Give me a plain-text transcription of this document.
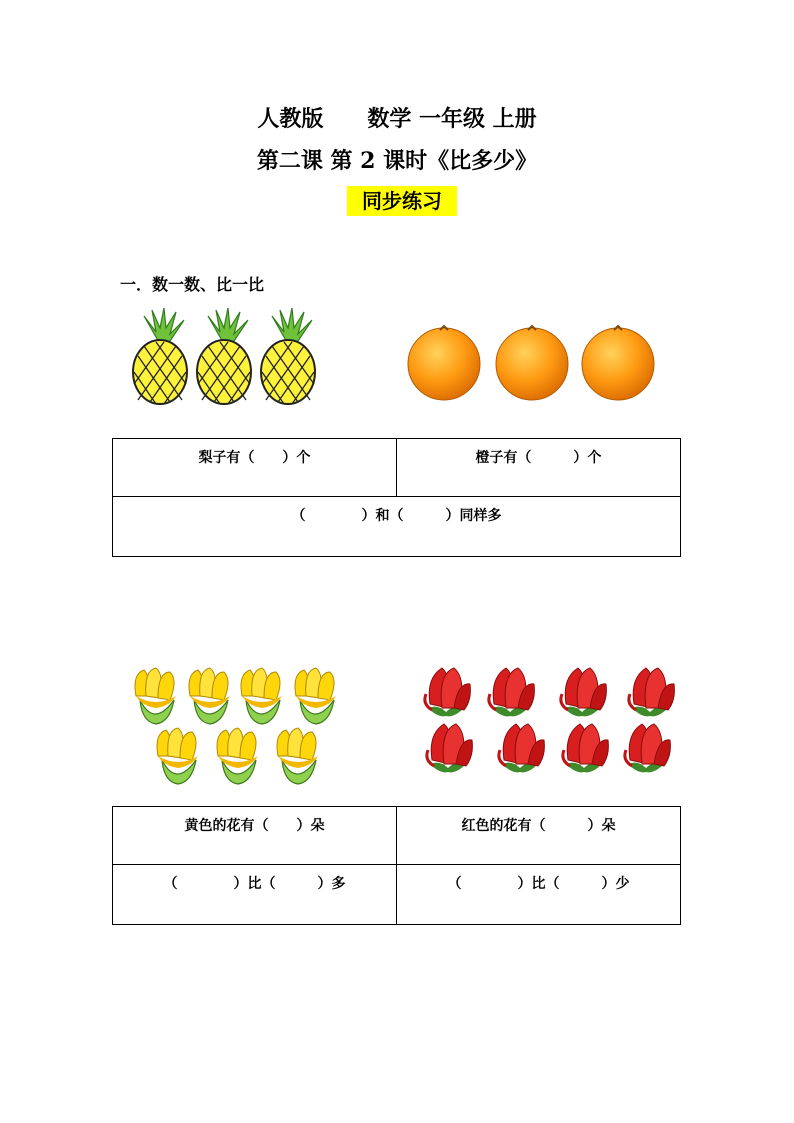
人教版　　数学 一年级 上册
第二课 第 2 课时《比多少》
同步练习
一．数一数、比一比
梨子有（　　）个	橙子有（　　　）个
（　　　　）和（　　　）同样多
黄色的花有（　　）朵	红色的花有（　　　）朵
（　　　　）比（　　　）多	（　　　　）比（　　　）少
